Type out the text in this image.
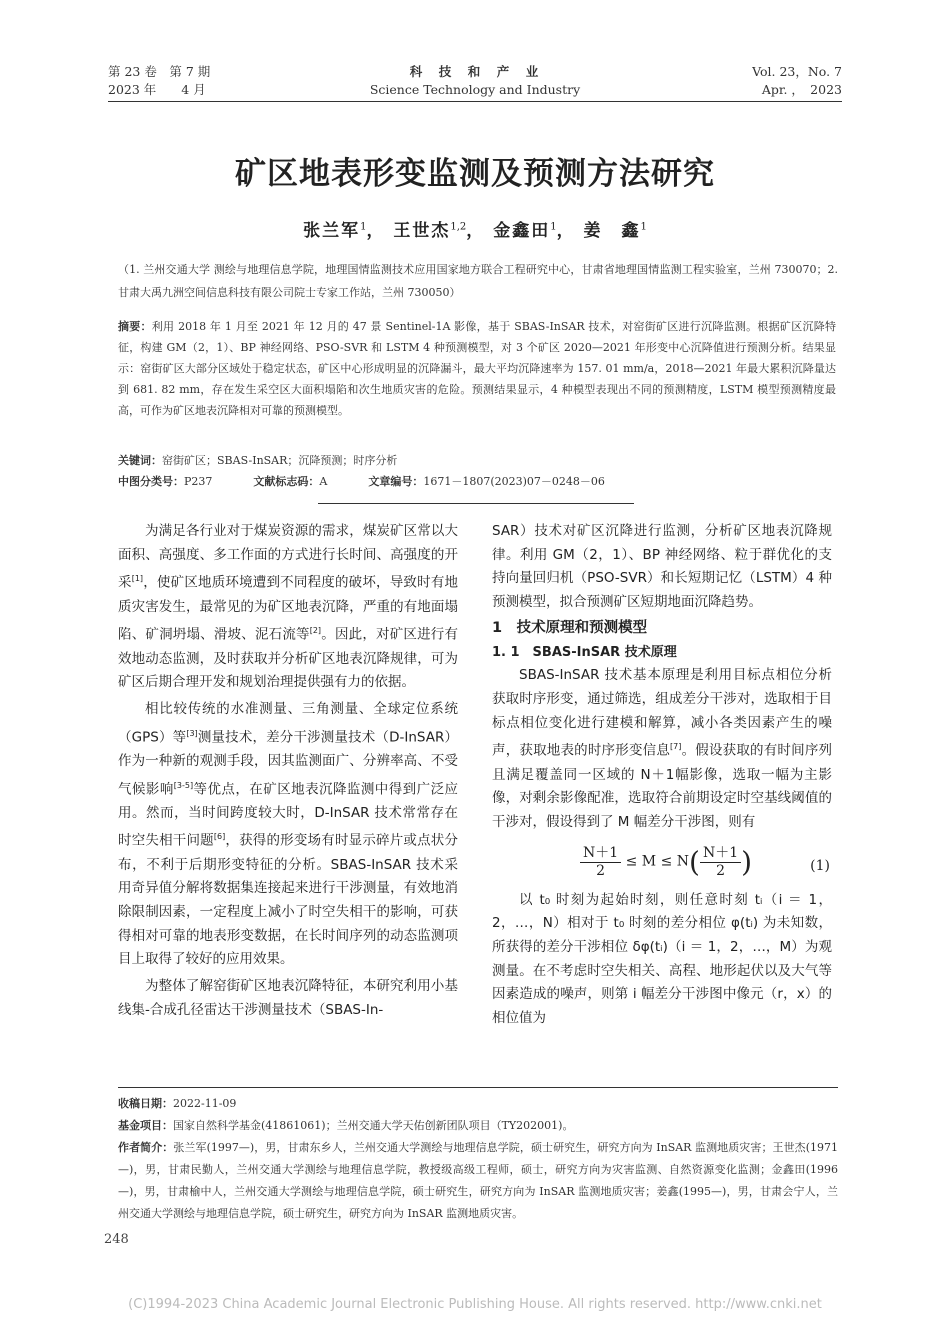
第 23 卷　第 7 期
2023 年　　4 月
科　技　和　产　业
Science Technology and Industry
Vol. 23，No. 7
Apr. ，　2023
矿区地表形变监测及预测方法研究
张兰军$^1$， 王世杰$^{1,2}$， 金鑫田$^1$， 姜　鑫$^1$
（1. 兰州交通大学 测绘与地理信息学院，地理国情监测技术应用国家地方联合工程研究中心，甘肃省地理国情监测工程实验室，兰州 730070；2. 甘肃大禹九洲空间信息科技有限公司院士专家工作站，兰州 730050）
摘要：利用 2018 年 1 月至 2021 年 12 月的 47 景 Sentinel-1A 影像，基于 SBAS-InSAR 技术，对窑街矿区进行沉降监测。根据矿区沉降特征，构建 GM（2，1）、BP 神经网络、PSO-SVR 和 LSTM 4 种预测模型，对 3 个矿区 2020—2021 年形变中心沉降值进行预测分析。结果显示：窑街矿区大部分区域处于稳定状态，矿区中心形成明显的沉降漏斗，最大平均沉降速率为 157. 01 mm/a，2018—2021 年最大累积沉降量达到 681. 82 mm，存在发生采空区大面积塌陷和次生地质灾害的危险。预测结果显示，4 种模型表现出不同的预测精度，LSTM 模型预测精度最高，可作为矿区地表沉降相对可靠的预测模型。
关键词：窑街矿区；SBAS-InSAR；沉降预测；时序分析
中图分类号：P237	文献标志码：A	文章编号：1671－1807(2023)07－0248－06

为满足各行业对于煤炭资源的需求，煤炭矿区常以大面积、高强度、多工作面的方式进行长时间、高强度的开采[1]，使矿区地质环境遭到不同程度的破坏，导致时有地质灾害发生，最常见的为矿区地表沉降，严重的有地面塌陷、矿洞坍塌、滑坡、泥石流等[2]。因此，对矿区进行有效地动态监测，及时获取并分析矿区地表沉降规律，可为矿区后期合理开发和规划治理提供强有力的依据。

相比较传统的水准测量、三角测量、全球定位系统（GPS）等[3]测量技术，差分干涉测量技术（D-InSAR）作为一种新的观测手段，因其监测面广、分辨率高、不受气候影响[3-5]等优点，在矿区地表沉降监测中得到广泛应用。然而，当时间跨度较大时，D-InSAR 技术常常存在时空失相干问题[6]，获得的形变场有时显示碎片或点状分布，不利于后期形变特征的分析。SBAS-InSAR 技术采用奇异值分解将数据集连接起来进行干涉测量，有效地消除限制因素，一定程度上减小了时空失相干的影响，可获得相对可靠的地表形变数据，在长时间序列的动态监测项目上取得了较好的应用效果。

为整体了解窑街矿区地表沉降特征，本研究利用小基线集-合成孔径雷达干涉测量技术（SBAS-In-

SAR）技术对矿区沉降进行监测，分析矿区地表沉降规律。利用 GM（2，1）、BP 神经网络、粒于群优化的支持向量回归机（PSO-SVR）和长短期记忆（LSTM）4 种预测模型，拟合预测矿区短期地面沉降趋势。

1　技术原理和预测模型
1. 1　SBAS-InSAR 技术原理

SBAS-InSAR 技术基本原理是利用目标点相位分析获取时序形变，通过筛选，组成差分干涉对，选取相于目标点相位变化进行建模和解算，减小各类因素产生的噪声，获取地表的时序形变信息[7]。假设获取的有时间序列且满足覆盖同一区域的 N＋1幅影像，选取一幅为主影像，对剩余影像配准，选取符合前期设定时空基线阈值的干涉对，假设得到了 M 幅差分干涉图，则有

$\frac{N+1}{2} \le M \le N( \frac{N+1}{2}$ )	(1)

以 t₀ 时刻为起始时刻，则任意时刻 tᵢ（i ＝ 1，2，…，N）相对于 t₀ 时刻的差分相位 φ(tᵢ) 为未知数，所获得的差分干涉相位 δφ(tᵢ)（i ＝ 1，2，…，M）为观测量。在不考虑时空失相关、高程、地形起伏以及大气等因素造成的噪声，则第 i 幅差分干涉图中像元（r，x）的相位值为

收稿日期：2022-11-09
基金项目：国家自然科学基金(41861061)；兰州交通大学天佑创新团队项目（TY202001)。
作者简介：张兰军(1997—)，男，甘肃东乡人，兰州交通大学测绘与地理信息学院，硕士研究生，研究方向为 InSAR 监测地质灾害；王世杰(1971—)，男，甘肃民勤人，兰州交通大学测绘与地理信息学院，教授级高级工程师，硕士，研究方向为灾害监测、自然资源变化监测；金鑫田(1996—)，男，甘肃榆中人，兰州交通大学测绘与地理信息学院，硕士研究生，研究方向为 InSAR 监测地质灾害；姜鑫(1995—)，男，甘肃会宁人，兰州交通大学测绘与地理信息学院，硕士研究生，研究方向为 InSAR 监测地质灾害。
248
(C)1994-2023 China Academic Journal Electronic Publishing House. All rights reserved. http://www.cnki.net
